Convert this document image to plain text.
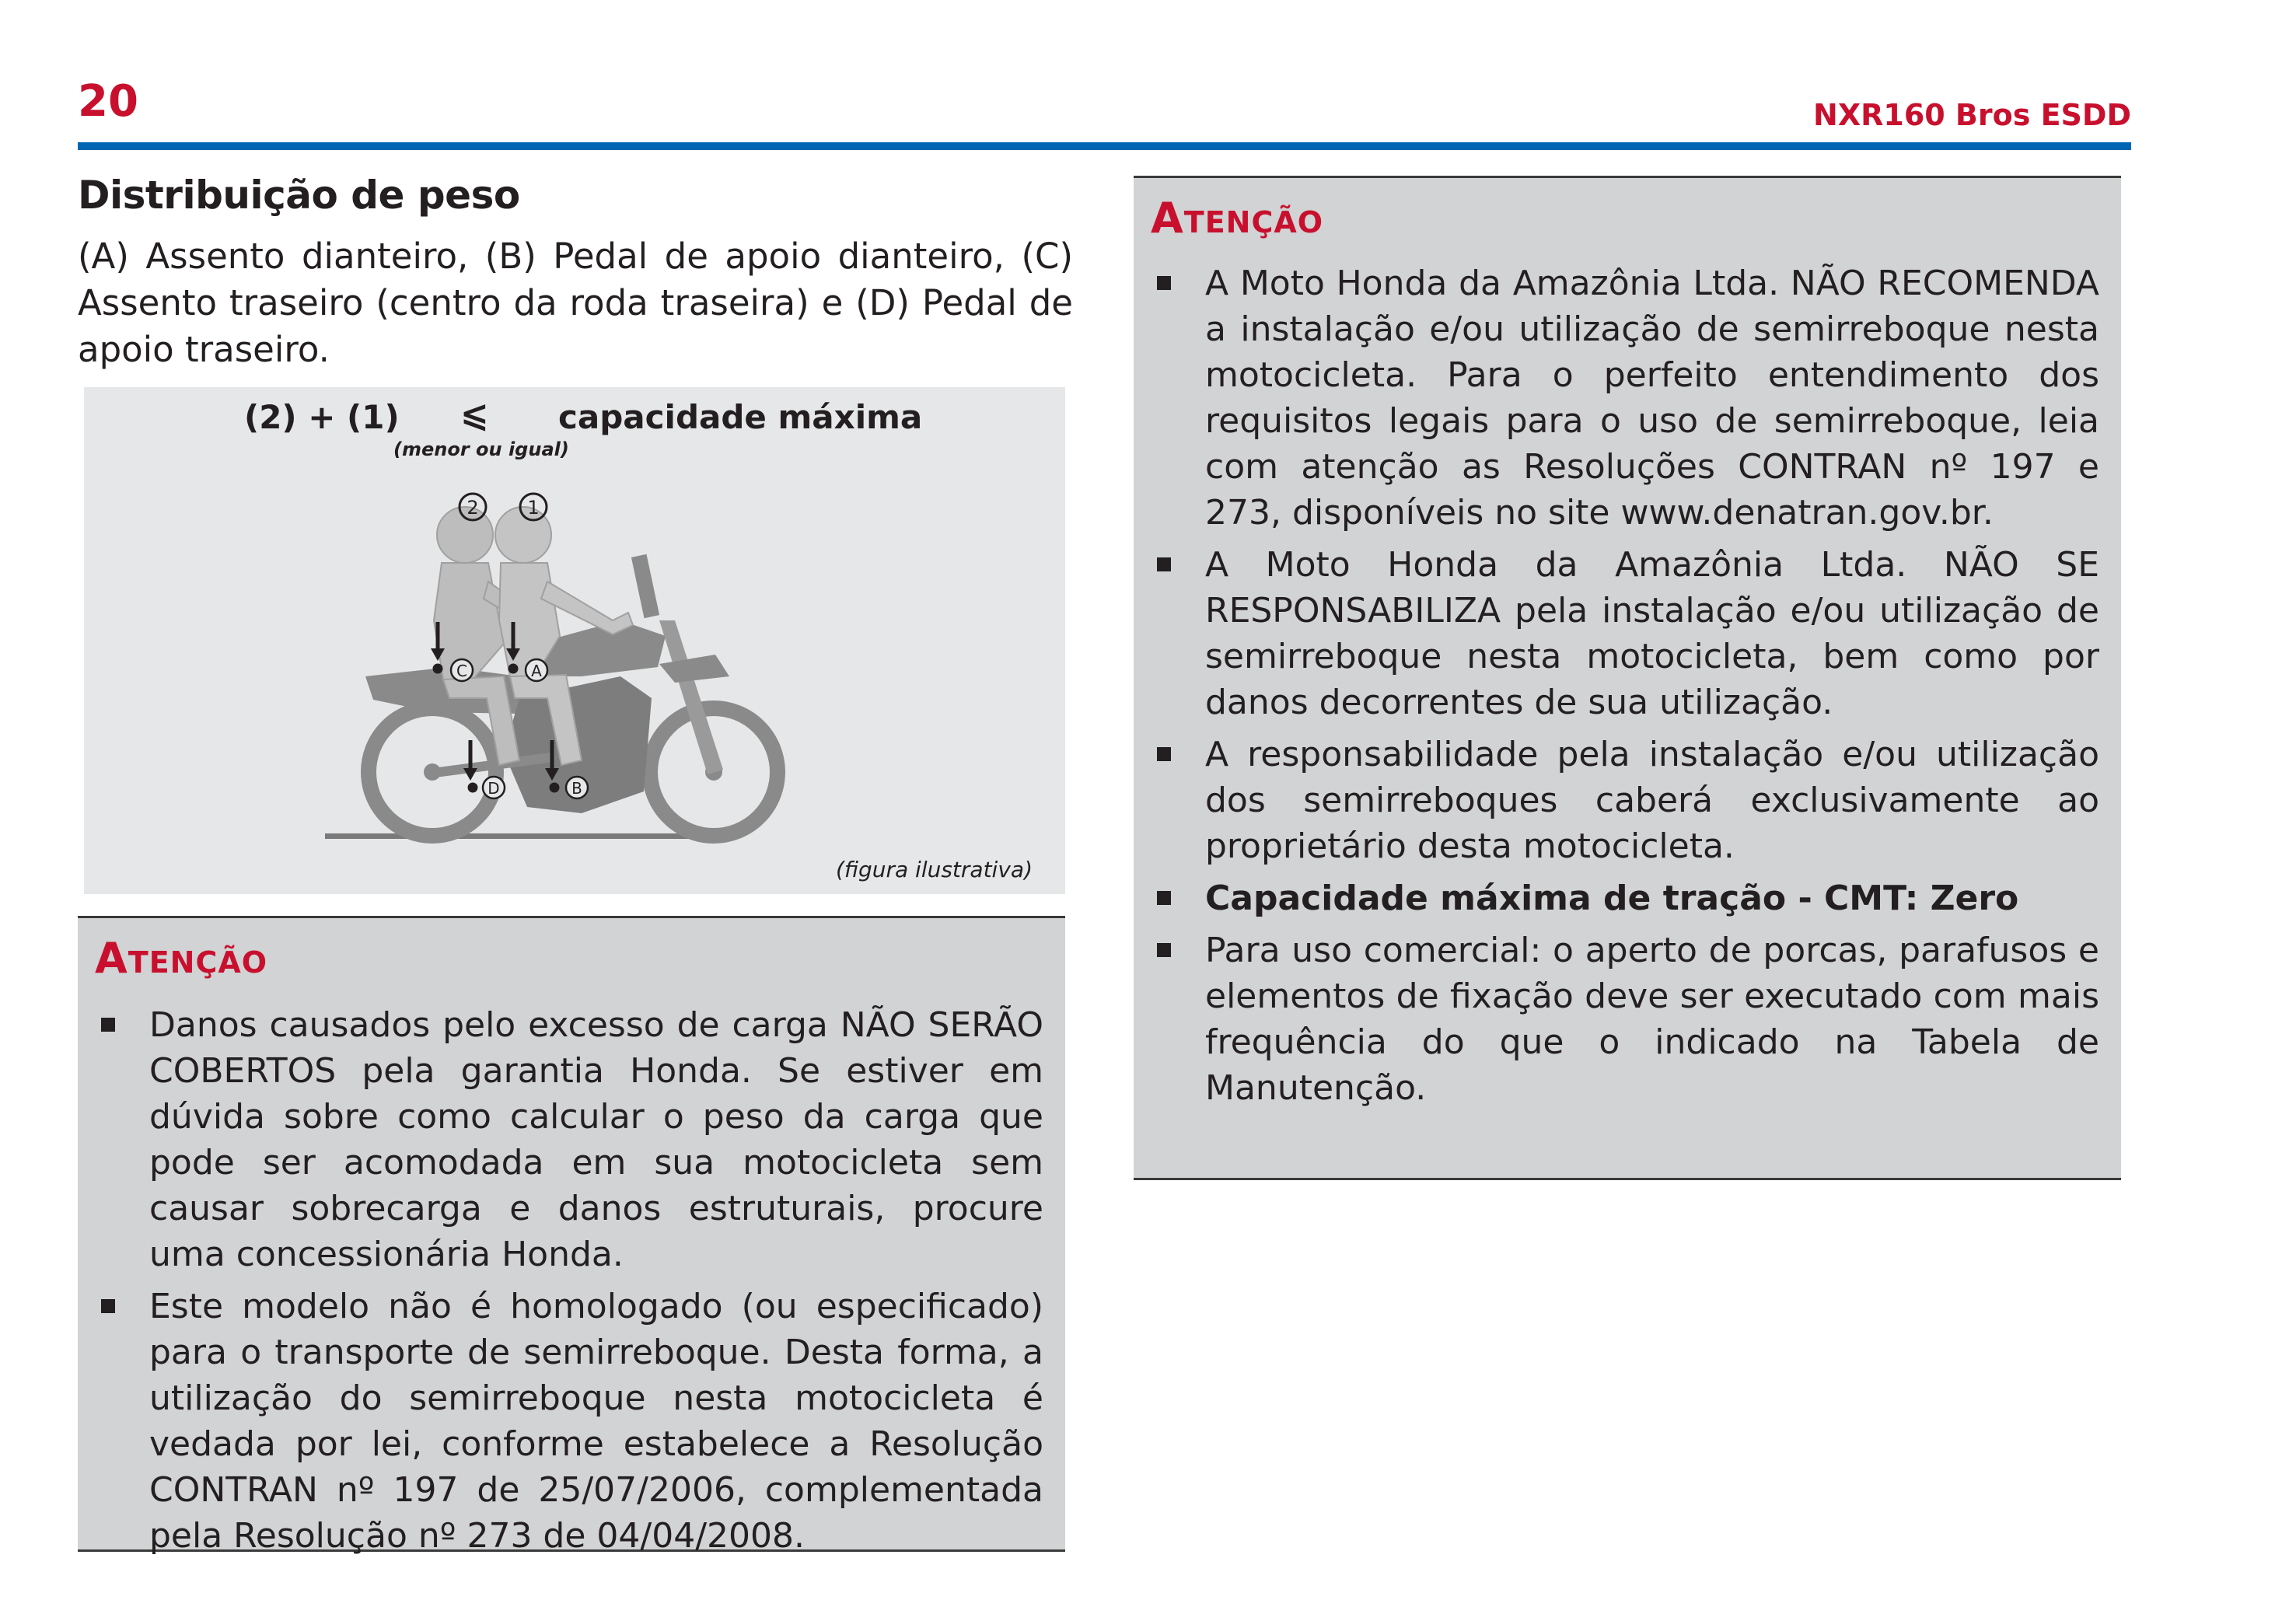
20	NXR160 Bros ESDD
Distribuição de peso
(A) Assento dianteiro, (B) Pedal de apoio dianteiro, (C) Assento traseiro (centro da roda traseira) e (D) Pedal de apoio traseiro.
(2) + (1) ⩽ capacidade máxima
(menor ou igual)
2	1
C	A
D	B
(figura ilustrativa)
Atenção
Danos causados pelo excesso de carga NÃO SERÃO COBERTOS pela garantia Honda. Se estiver em dúvida sobre como calcular o peso da carga que pode ser acomodada em sua motocicleta sem causar sobrecarga e danos estruturais, procure uma concessionária Honda.
Este modelo não é homologado (ou especificado) para o transporte de semirreboque. Desta forma, a utilização do semirreboque nesta motocicleta é vedada por lei, conforme estabelece a Resolução CONTRAN nº 197 de 25/07/2006, complementada pela Resolução nº 273 de 04/04/2008.
Atenção
A Moto Honda da Amazônia Ltda. NÃO RECOMENDA a instalação e/ou utilização de semirreboque nesta motocicleta. Para o perfeito entendimento dos requisitos legais para o uso de semirreboque, leia com atenção as Resoluções CONTRAN nº 197 e 273, disponíveis no site www.denatran.gov.br.
A Moto Honda da Amazônia Ltda. NÃO SE RESPONSABILIZA pela instalação e/ou utilização de semirreboque nesta motocicleta, bem como por danos decorrentes de sua utilização.
A responsabilidade pela instalação e/ou utilização dos semirreboques caberá exclusivamente ao proprietário desta motocicleta.
Capacidade máxima de tração - CMT: Zero
Para uso comercial: o aperto de porcas, parafusos e elementos de fixação deve ser executado com mais frequência do que o indicado na Tabela de Manutenção.
